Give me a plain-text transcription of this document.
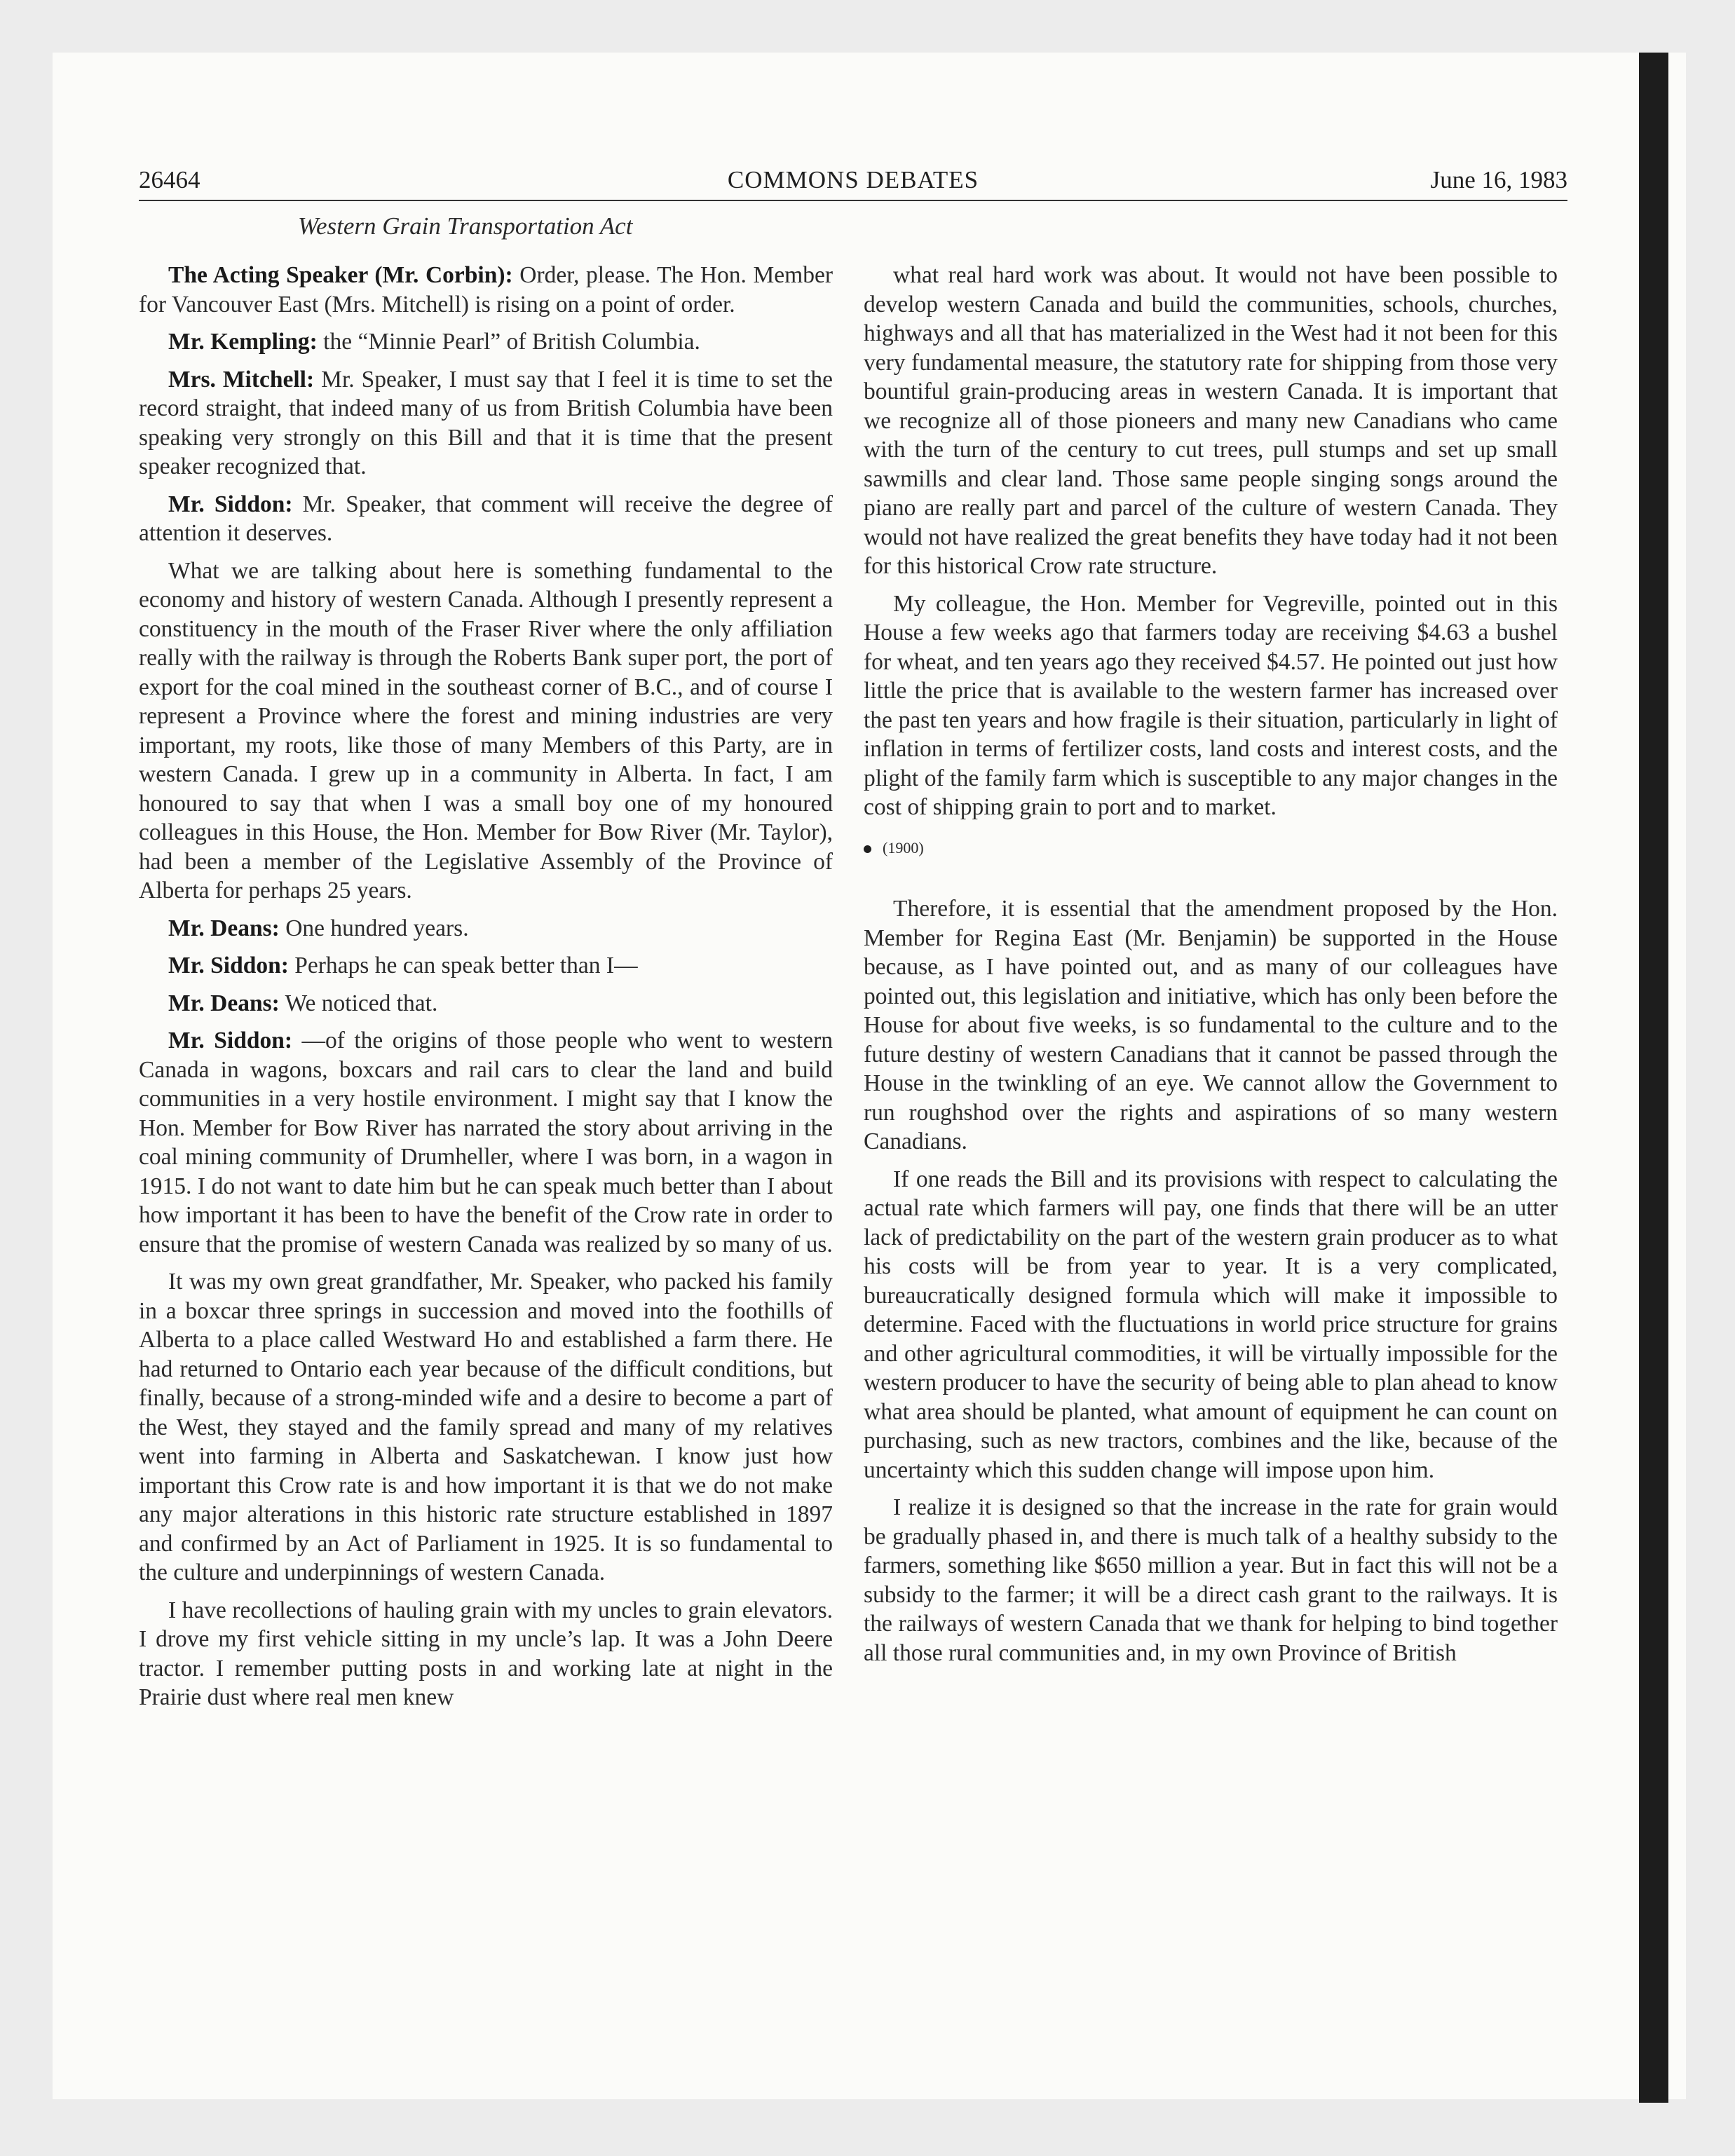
26464	COMMONS DEBATES	June 16, 1983
Western Grain Transportation Act

The Acting Speaker (Mr. Corbin): Order, please. The Hon. Member for Vancouver East (Mrs. Mitchell) is rising on a point of order.

Mr. Kempling: the “Minnie Pearl” of British Columbia.

Mrs. Mitchell: Mr. Speaker, I must say that I feel it is time to set the record straight, that indeed many of us from British Columbia have been speaking very strongly on this Bill and that it is time that the present speaker recognized that.

Mr. Siddon: Mr. Speaker, that comment will receive the degree of attention it deserves.

What we are talking about here is something fundamental to the economy and history of western Canada. Although I presently represent a constituency in the mouth of the Fraser River where the only affiliation really with the railway is through the Roberts Bank super port, the port of export for the coal mined in the southeast corner of B.C., and of course I represent a Province where the forest and mining industries are very important, my roots, like those of many Members of this Party, are in western Canada. I grew up in a community in Alberta. In fact, I am honoured to say that when I was a small boy one of my honoured colleagues in this House, the Hon. Member for Bow River (Mr. Taylor), had been a member of the Legislative Assembly of the Province of Alberta for perhaps 25 years.

Mr. Deans: One hundred years.

Mr. Siddon: Perhaps he can speak better than I—

Mr. Deans: We noticed that.

Mr. Siddon: —of the origins of those people who went to western Canada in wagons, boxcars and rail cars to clear the land and build communities in a very hostile environment. I might say that I know the Hon. Member for Bow River has narrated the story about arriving in the coal mining community of Drumheller, where I was born, in a wagon in 1915. I do not want to date him but he can speak much better than I about how important it has been to have the benefit of the Crow rate in order to ensure that the promise of western Canada was realized by so many of us.

It was my own great grandfather, Mr. Speaker, who packed his family in a boxcar three springs in succession and moved into the foothills of Alberta to a place called Westward Ho and established a farm there. He had returned to Ontario each year because of the difficult conditions, but finally, because of a strong-minded wife and a desire to become a part of the West, they stayed and the family spread and many of my relatives went into farming in Alberta and Saskatchewan. I know just how important this Crow rate is and how important it is that we do not make any major alterations in this historic rate structure established in 1897 and confirmed by an Act of Parliament in 1925. It is so fundamental to the culture and underpinnings of western Canada.

I have recollections of hauling grain with my uncles to grain elevators. I drove my first vehicle sitting in my uncle’s lap. It was a John Deere tractor. I remember putting posts in and working late at night in the Prairie dust where real men knew

what real hard work was about. It would not have been possible to develop western Canada and build the communities, schools, churches, highways and all that has materialized in the West had it not been for this very fundamental measure, the statutory rate for shipping from those very bountiful grain-producing areas in western Canada. It is important that we recognize all of those pioneers and many new Canadians who came with the turn of the century to cut trees, pull stumps and set up small sawmills and clear land. Those same people singing songs around the piano are really part and parcel of the culture of western Canada. They would not have realized the great benefits they have today had it not been for this historical Crow rate structure.

My colleague, the Hon. Member for Vegreville, pointed out in this House a few weeks ago that farmers today are receiving $4.63 a bushel for wheat, and ten years ago they received $4.57. He pointed out just how little the price that is available to the western farmer has increased over the past ten years and how fragile is their situation, particularly in light of inflation in terms of fertilizer costs, land costs and interest costs, and the plight of the family farm which is susceptible to any major changes in the cost of shipping grain to port and to market.

(1900)

Therefore, it is essential that the amendment proposed by the Hon. Member for Regina East (Mr. Benjamin) be supported in the House because, as I have pointed out, and as many of our colleagues have pointed out, this legislation and initiative, which has only been before the House for about five weeks, is so fundamental to the culture and to the future destiny of western Canadians that it cannot be passed through the House in the twinkling of an eye. We cannot allow the Government to run roughshod over the rights and aspirations of so many western Canadians.

If one reads the Bill and its provisions with respect to calculating the actual rate which farmers will pay, one finds that there will be an utter lack of predictability on the part of the western grain producer as to what his costs will be from year to year. It is a very complicated, bureaucratically designed formula which will make it impossible to determine. Faced with the fluctuations in world price structure for grains and other agricultural commodities, it will be virtually impossible for the western producer to have the security of being able to plan ahead to know what area should be planted, what amount of equipment he can count on purchasing, such as new tractors, combines and the like, because of the uncertainty which this sudden change will impose upon him.

I realize it is designed so that the increase in the rate for grain would be gradually phased in, and there is much talk of a healthy subsidy to the farmers, something like $650 million a year. But in fact this will not be a subsidy to the farmer; it will be a direct cash grant to the railways. It is the railways of western Canada that we thank for helping to bind together all those rural communities and, in my own Province of British
